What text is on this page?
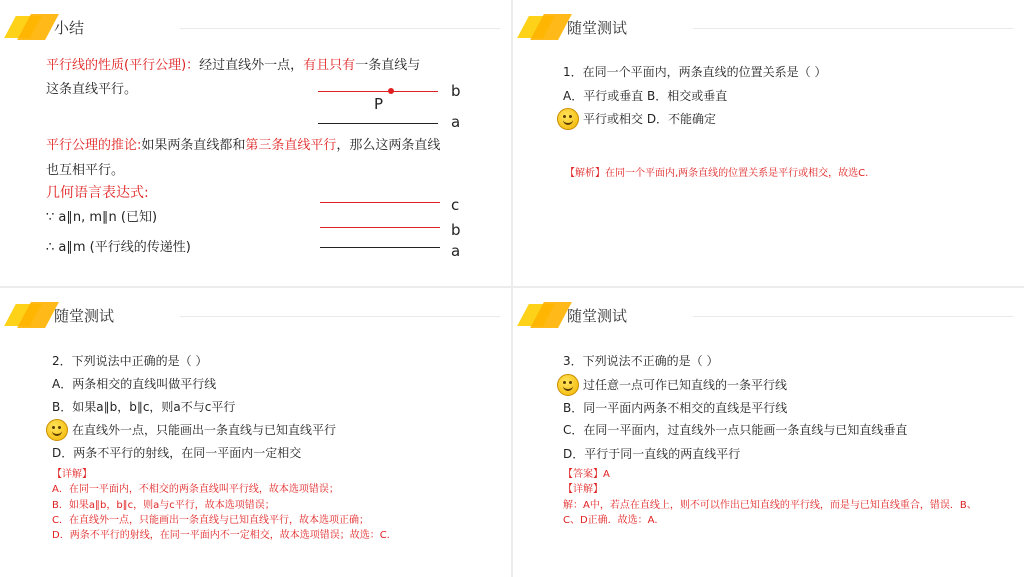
小结
平行线的性质(平行公理)：经过直线外一点，有且只有一条直线与
这条直线平行。
P
b
a
平行公理的推论:如果两条直线都和第三条直线平行，那么这两条直线
也互相平行。
几何语言表达式:
∵ a∥n, m∥n (已知)
∴ a∥m (平行线的传递性)
c
b
a
随堂测试
1．在同一个平面内，两条直线的位置关系是（ ）
A．平行或垂直 B．相交或垂直
平行或相交 D．不能确定
【解析】在同一个平面内,两条直线的位置关系是平行或相交，故选C.
随堂测试
2．下列说法中正确的是（ ）
A．两条相交的直线叫做平行线
B．如果a∥b，b∥c，则a不与c平行
在直线外一点，只能画出一条直线与已知直线平行
D．两条不平行的射线，在同一平面内一定相交
【详解】
A．在同一平面内，不相交的两条直线叫平行线，故本选项错误；
B．如果a∥b，b∥c，则a与c平行，故本选项错误；
C．在直线外一点，只能画出一条直线与已知直线平行，故本选项正确；
D．两条不平行的射线，在同一平面内不一定相交，故本选项错误；故选：C.
随堂测试
3．下列说法不正确的是（ ）
过任意一点可作已知直线的一条平行线
B．同一平面内两条不相交的直线是平行线
C．在同一平面内，过直线外一点只能画一条直线与已知直线垂直
D．平行于同一直线的两直线平行
【答案】A
【详解】
解：A中，若点在直线上，则不可以作出已知直线的平行线，而是与已知直线重合，错误．B、
C、D正确．故选：A.
